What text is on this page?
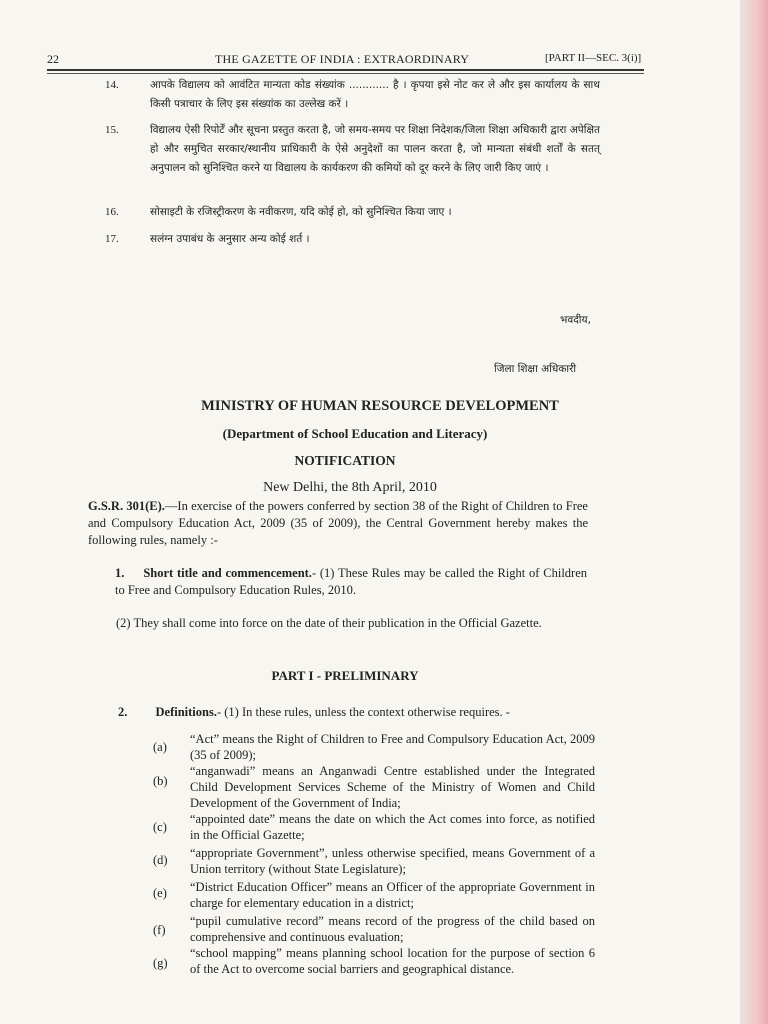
22	THE GAZETTE OF INDIA : EXTRAORDINARY	[PART II—SEC. 3(i)]
14.	आपके विद्यालय को आवंटित मान्यता कोड संख्यांक ............ है । कृपया इसे नोट कर ले और इस कार्यालय के साथ किसी पत्राचार के लिए इस संख्यांक का उल्लेख करें ।
15.	विद्यालय ऐसी रिपोर्टें और सूचना प्रस्तुत करता है, जो समय-समय पर शिक्षा निदेशक/जिला शिक्षा अधिकारी द्वारा अपेक्षित हो और समुचित सरकार/स्थानीय प्राधिकारी के ऐसे अनुदेशों का पालन करता है, जो मान्यता संबंधी शर्तों के सतत् अनुपालन को सुनिश्चित करने या विद्यालय के कार्यकरण की कमियों को दूर करने के लिए जारी किए जाएं ।
16.	सोसाइटी के रजिस्ट्रीकरण के नवीकरण, यदि कोई हो, को सुनिश्चित किया जाए ।
17.	सलंग्न उपाबंध के अनुसार अन्य कोई शर्त ।
भवदीय,
जिला शिक्षा अधिकारी
MINISTRY OF HUMAN RESOURCE DEVELOPMENT
(Department of School Education and Literacy)
NOTIFICATION
New Delhi, the 8th April, 2010
G.S.R. 301(E).—In exercise of the powers conferred by section 38 of the Right of Children to Free and Compulsory Education Act, 2009 (35 of 2009), the Central Government hereby makes the following rules, namely :-
1. Short title and commencement.- (1) These Rules may be called the Right of Children to Free and Compulsory Education Rules, 2010.
(2) They shall come into force on the date of their publication in the Official Gazette.
PART I - PRELIMINARY
2. Definitions.- (1) In these rules, unless the context otherwise requires. -
(a)
“Act” means the Right of Children to Free and Compulsory Education Act, 2009 (35 of 2009);
(b)
“anganwadi” means an Anganwadi Centre established under the Integrated Child Development Services Scheme of the Ministry of Women and Child Development of the Government of India;
(c)
“appointed date” means the date on which the Act comes into force, as notified in the Official Gazette;
(d) “appropriate Government”, unless otherwise specified, means Government of a Union territory (without State Legislature);
(e) “District Education Officer” means an Officer of the appropriate Government in charge for elementary education in a district;
(f)
“pupil cumulative record” means record of the progress of the child based on comprehensive and continuous evaluation;
(g)
“school mapping” means planning school location for the purpose of section 6 of the Act to overcome social barriers and geographical distance.
